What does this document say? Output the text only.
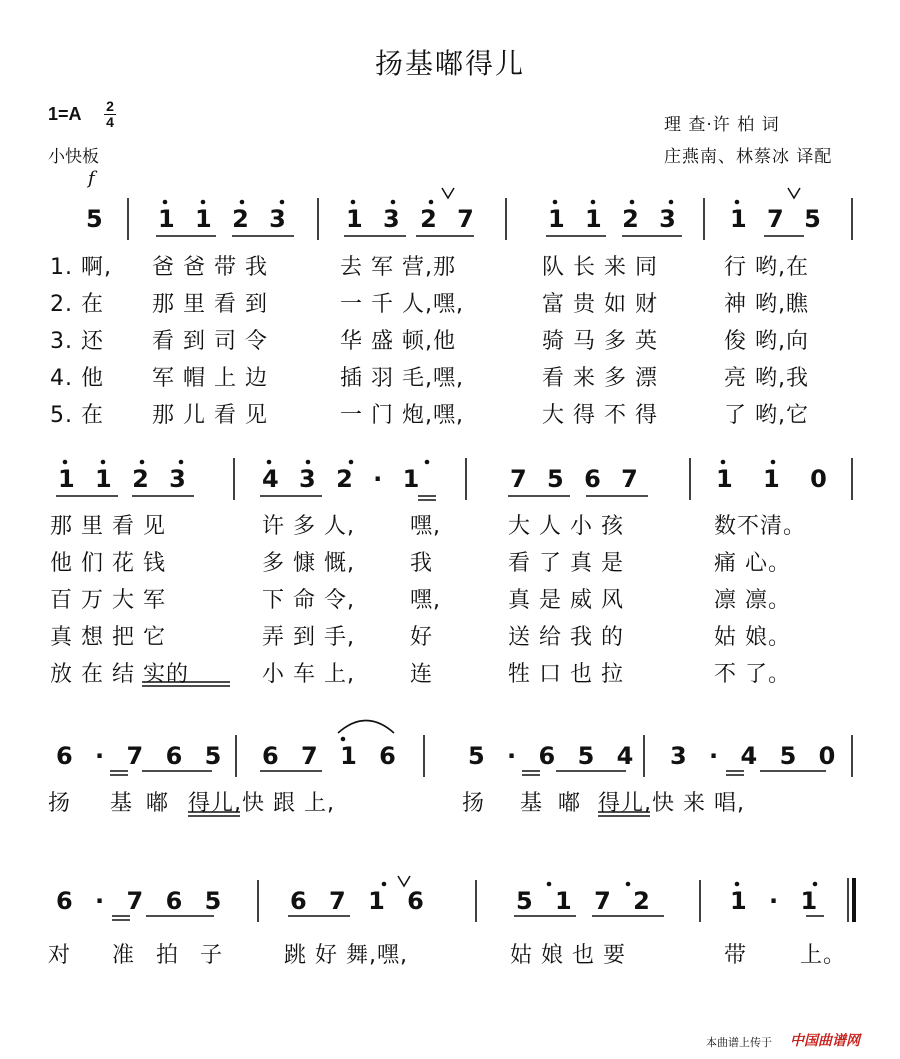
扬基嘟得儿
1=A 2
4
小快板
f
理 查·许 柏 词
庄燕南、林蔡冰 译配
5 1 1 2 3	1 3 2 7	1 1 2 3 1 7 5
1. 啊, 爸 爸 带 我	去 军 营,那	队 长 来 同	行 哟,在
2. 在 那 里 看 到	一 千 人,嘿,	富 贵 如 财	神 哟,瞧
3. 还 看 到 司 令	华 盛 顿,他	骑 马 多 英	俊 哟,向
4. 他 军 帽 上 边	插 羽 毛,嘿,	看 来 多 漂	亮 哟,我
5. 在 那 儿 看 见	一 门 炮,嘿,	大 得 不 得	了 哟,它
1 1 2 3	4 3 2 · 1	7 5 6 7	1 1 0
那 里 看 见	许 多 人,	嘿,	大 人 小 孩	数不清。
他 们 花 钱	多 慷 慨,	我	看 了 真 是	痛 心。
百 万 大 军	下 命 令,	嘿,	真 是 威 风	凛 凛。
真 想 把 它	弄 到 手,	好	送 给 我 的	姑 娘。
放 在 结 实的	小 车 上,	连	牲 口 也 拉	不 了。
6 · 7 6 5 6 7 1 6	5 · 6 5 4 3 · 4 5 0
扬 基 嘟 得儿,快 跟 上,	扬 基 嘟 得儿,快 来 唱,
6 · 7 6 5	6 7 1 6	5 1 7 2	1 · 1
对 准 拍 子	跳 好 舞,嘿,	姑 娘 也 要	带 上。
本曲谱上传于 中国曲谱网
